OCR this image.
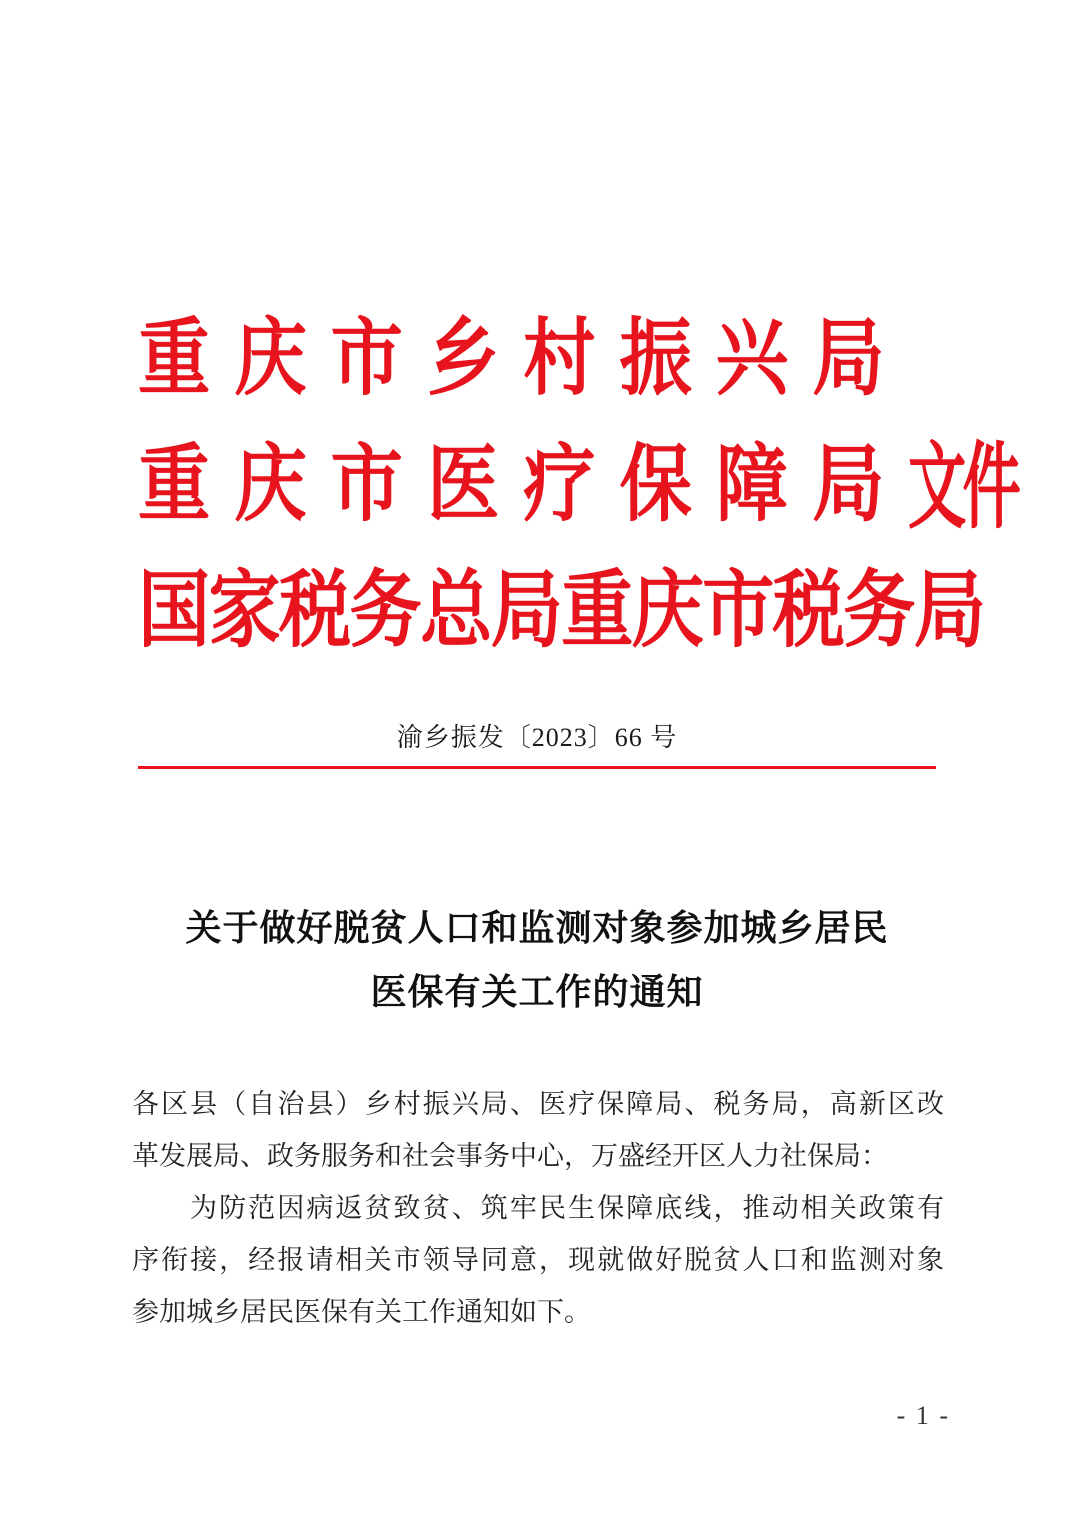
重庆市乡村振兴局
重庆市医疗保障局
国家税务总局重庆市税务局
文件
渝乡振发〔2023〕66 号
关于做好脱贫人口和监测对象参加城乡居民
医保有关工作的通知
各区县（自治县）乡村振兴局、医疗保障局、税务局，高新区改
革发展局、政务服务和社会事务中心，万盛经开区人力社保局：
为防范因病返贫致贫、筑牢民生保障底线，推动相关政策有
序衔接，经报请相关市领导同意，现就做好脱贫人口和监测对象
参加城乡居民医保有关工作通知如下。
- 1 -
